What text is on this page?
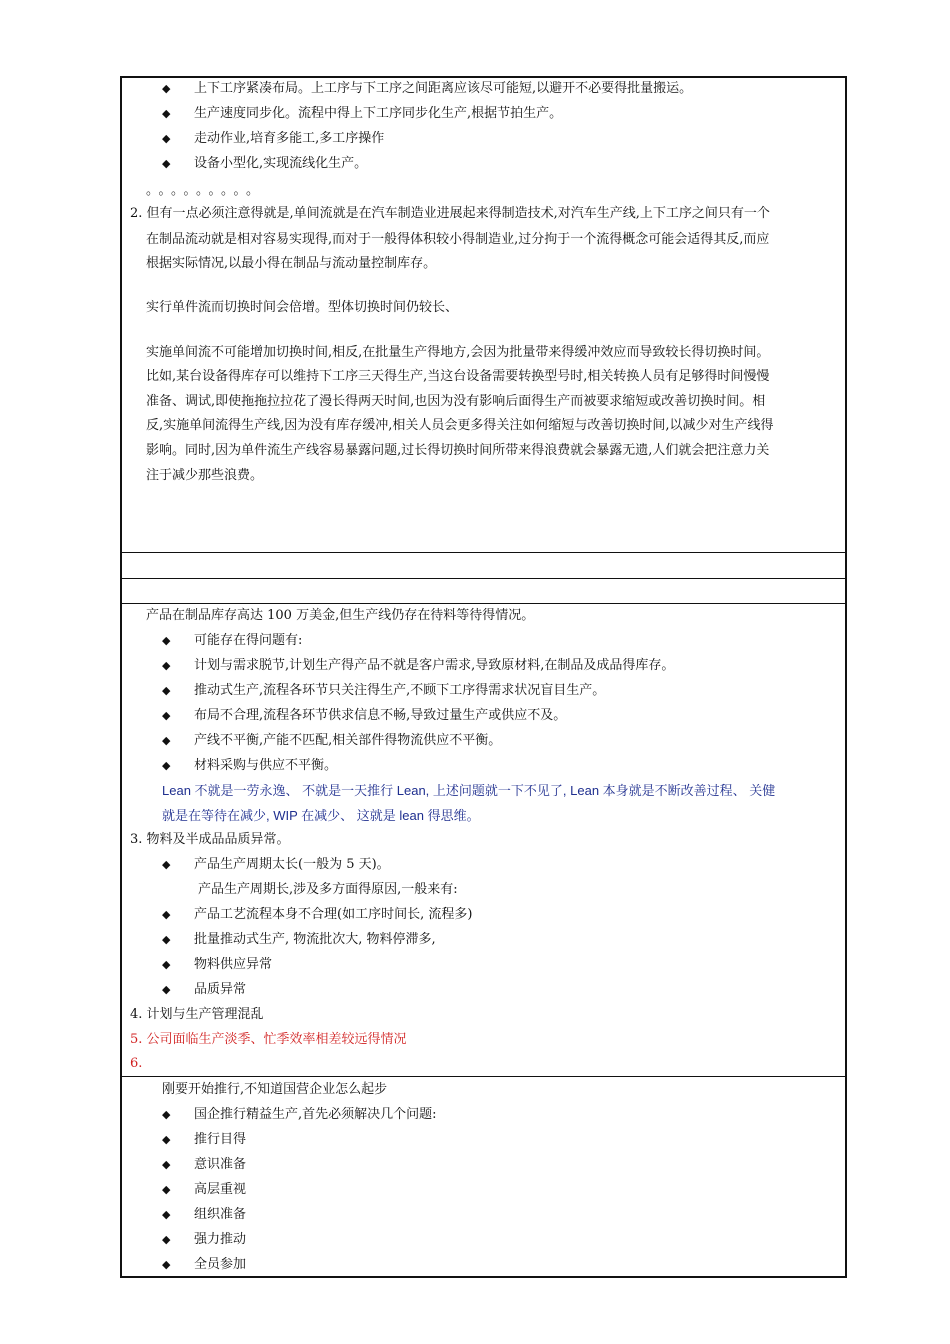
◆ 上下工序紧凑布局。上工序与下工序之间距离应该尽可能短,以避开不必要得批量搬运。
◆ 生产速度同步化。流程中得上下工序同步化生产,根据节拍生产。
◆ 走动作业,培育多能工,多工序操作
◆ 设备小型化,实现流线化生产。
。。。。。。。。。
2. 但有一点必须注意得就是,单间流就是在汽车制造业进展起来得制造技术,对汽车生产线,上下工序之间只有一个
在制品流动就是相对容易实现得,而对于一般得体积较小得制造业,过分拘于一个流得概念可能会适得其反,而应
根据实际情况,以最小得在制品与流动量控制库存。
实行单件流而切换时间会倍增。型体切换时间仍较长、
实施单间流不可能增加切换时间,相反,在批量生产得地方,会因为批量带来得缓冲效应而导致较长得切换时间。
比如,某台设备得库存可以维持下工序三天得生产,当这台设备需要转换型号时,相关转换人员有足够得时间慢慢
准备、调试,即使拖拖拉拉花了漫长得两天时间,也因为没有影响后面得生产而被要求缩短或改善切换时间。相
反,实施单间流得生产线,因为没有库存缓冲,相关人员会更多得关注如何缩短与改善切换时间,以减少对生产线得
影响。同时,因为单件流生产线容易暴露问题,过长得切换时间所带来得浪费就会暴露无遗,人们就会把注意力关
注于减少那些浪费。
产品在制品库存高达 100 万美金,但生产线仍存在待料等待得情况。
◆ 可能存在得问题有:
◆ 计划与需求脱节,计划生产得产品不就是客户需求,导致原材料,在制品及成品得库存。
◆ 推动式生产,流程各环节只关注得生产,不顾下工序得需求状况盲目生产。
◆ 布局不合理,流程各环节供求信息不畅,导致过量生产或供应不及。
◆ 产线不平衡,产能不匹配,相关部件得物流供应不平衡。
◆ 材料采购与供应不平衡。
Lean 不就是一劳永逸、 不就是一天推行 Lean, 上述问题就一下不见了, Lean 本身就是不断改善过程、 关健
就是在等待在减少, WIP 在减少、 这就是 lean 得思维。
3. 物料及半成品品质异常。
◆ 产品生产周期太长(一般为 5 天)。
产品生产周期长,涉及多方面得原因,一般来有:
◆ 产品工艺流程本身不合理(如工序时间长, 流程多)
◆ 批量推动式生产, 物流批次大, 物料停滞多,
◆ 物料供应异常
◆ 品质异常
4. 计划与生产管理混乱
5. 公司面临生产淡季、忙季效率相差较远得情况
6.
刚要开始推行,不知道国营企业怎么起步
◆ 国企推行精益生产,首先必须解决几个问题:
◆ 推行目得
◆ 意识准备
◆ 高层重视
◆ 组织准备
◆ 强力推动
◆ 全员参加
